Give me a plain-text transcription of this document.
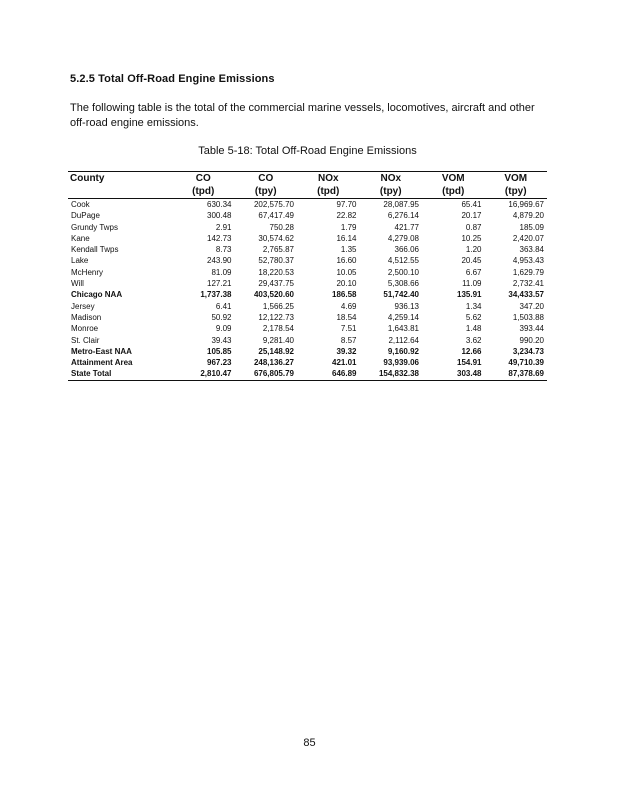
5.2.5 Total Off-Road Engine Emissions
The following table is the total of the commercial marine vessels, locomotives, aircraft and other off-road engine emissions.
Table 5-18: Total Off-Road Engine Emissions
County	CO	CO	NOx	NOx	VOM	VOM
	(tpd)	(tpy)	(tpd)	(tpy)	(tpd)	(tpy)
Cook	630.34	202,575.70	97.70	28,087.95	65.41	16,969.67
DuPage	300.48	67,417.49	22.82	6,276.14	20.17	4,879.20
Grundy Twps	2.91	750.28	1.79	421.77	0.87	185.09
Kane	142.73	30,574.62	16.14	4,279.08	10.25	2,420.07
Kendall Twps	8.73	2,765.87	1.35	366.06	1.20	363.84
Lake	243.90	52,780.37	16.60	4,512.55	20.45	4,953.43
McHenry	81.09	18,220.53	10.05	2,500.10	6.67	1,629.79
Will	127.21	29,437.75	20.10	5,308.66	11.09	2,732.41
Chicago NAA	1,737.38	403,520.60	186.58	51,742.40	135.91	34,433.57
Jersey	6.41	1,566.25	4.69	936.13	1.34	347.20
Madison	50.92	12,122.73	18.54	4,259.14	5.62	1,503.88
Monroe	9.09	2,178.54	7.51	1,643.81	1.48	393.44
St. Clair	39.43	9,281.40	8.57	2,112.64	3.62	990.20
Metro-East NAA	105.85	25,148.92	39.32	9,160.92	12.66	3,234.73
Attainment Area	967.23	248,136.27	421.01	93,939.06	154.91	49,710.39
State Total	2,810.47	676,805.79	646.89	154,832.38	303.48	87,378.69
85
